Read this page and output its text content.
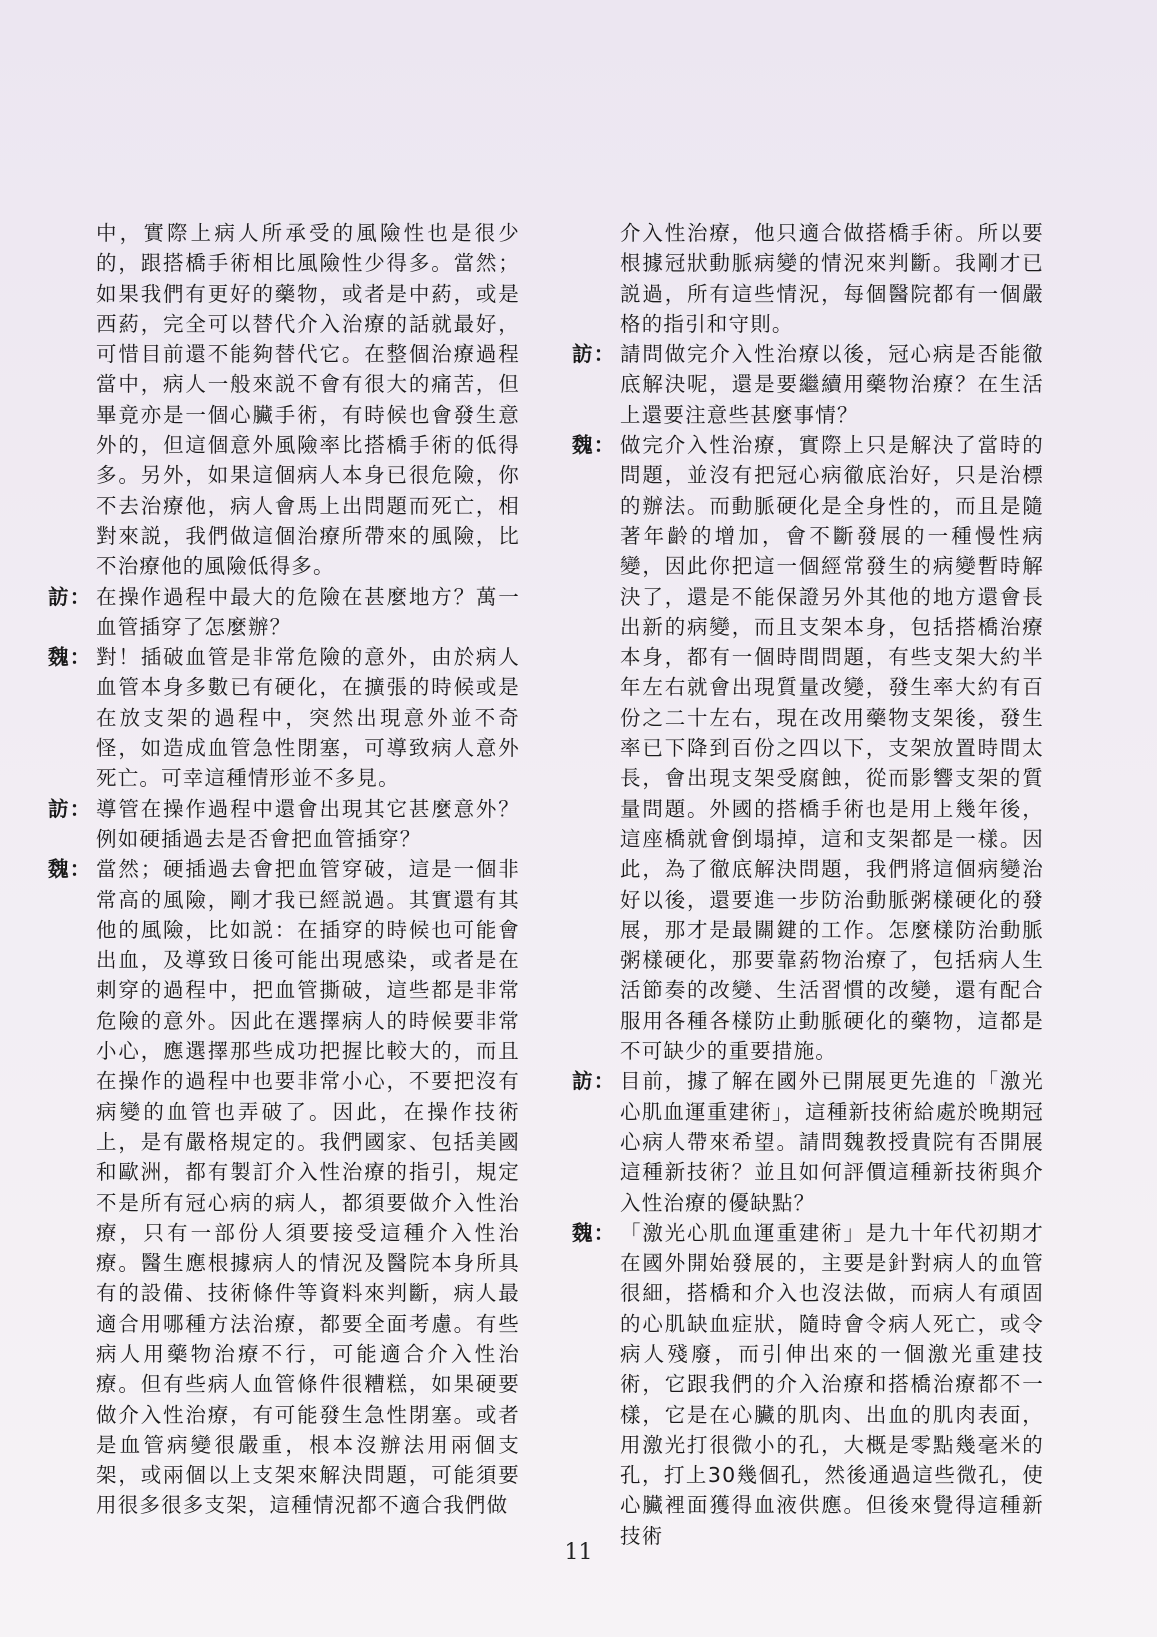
中，實際上病人所承受的風險性也是很少的，跟搭橋手術相比風險性少得多。當然；如果我們有更好的藥物，或者是中葯，或是西葯，完全可以替代介入治療的話就最好，可惜目前還不能夠替代它。在整個治療過程當中，病人一般來説不會有很大的痛苦，但畢竟亦是一個心臟手術，有時候也會發生意外的，但這個意外風險率比搭橋手術的低得多。另外，如果這個病人本身已很危險，你不去治療他，病人會馬上出問題而死亡，相對來説，我們做這個治療所帶來的風險，比不治療他的風險低得多。

訪： 在操作過程中最大的危險在甚麼地方？萬一血管插穿了怎麼辦？

魏： 對！插破血管是非常危險的意外，由於病人血管本身多數已有硬化，在擴張的時候或是在放支架的過程中，突然出現意外並不奇怪，如造成血管急性閉塞，可導致病人意外死亡。可幸這種情形並不多見。

訪： 導管在操作過程中還會出現其它甚麼意外？例如硬插過去是否會把血管插穿？

魏： 當然；硬插過去會把血管穿破，這是一個非常高的風險，剛才我已經説過。其實還有其他的風險，比如説：在插穿的時候也可能會出血，及導致日後可能出現感染，或者是在刺穿的過程中，把血管撕破，這些都是非常危險的意外。因此在選擇病人的時候要非常小心，應選擇那些成功把握比較大的，而且在操作的過程中也要非常小心，不要把沒有病變的血管也弄破了。因此，在操作技術上，是有嚴格規定的。我們國家、包括美國和歐洲，都有製訂介入性治療的指引，規定不是所有冠心病的病人，都須要做介入性治療，只有一部份人須要接受這種介入性治療。醫生應根據病人的情況及醫院本身所具有的設備、技術條件等資料來判斷，病人最適合用哪種方法治療，都要全面考慮。有些病人用藥物治療不行，可能適合介入性治療。但有些病人血管條件很糟糕，如果硬要做介入性治療，有可能發生急性閉塞。或者是血管病變很嚴重，根本沒辦法用兩個支架，或兩個以上支架來解決問題，可能須要用很多很多支架，這種情況都不適合我們做

介入性治療，他只適合做搭橋手術。所以要根據冠狀動脈病變的情況來判斷。我剛才已説過，所有這些情況，每個醫院都有一個嚴格的指引和守則。

訪： 請問做完介入性治療以後，冠心病是否能徹底解決呢，還是要繼續用藥物治療？在生活上還要注意些甚麼事情？

魏： 做完介入性治療，實際上只是解決了當時的問題，並沒有把冠心病徹底治好，只是治標的辦法。而動脈硬化是全身性的，而且是隨著年齡的增加，會不斷發展的一種慢性病變，因此你把這一個經常發生的病變暫時解決了，還是不能保證另外其他的地方還會長出新的病變，而且支架本身，包括搭橋治療本身，都有一個時間問題，有些支架大約半年左右就會出現質量改變，發生率大約有百份之二十左右，現在改用藥物支架後，發生率已下降到百份之四以下，支架放置時間太長，會出現支架受腐蝕，從而影響支架的質量問題。外國的搭橋手術也是用上幾年後，這座橋就會倒塌掉，這和支架都是一樣。因此，為了徹底解決問題，我們將這個病變治好以後，還要進一步防治動脈粥樣硬化的發展，那才是最關鍵的工作。怎麼樣防治動脈粥樣硬化，那要靠葯物治療了，包括病人生活節奏的改變、生活習慣的改變，還有配合服用各種各樣防止動脈硬化的藥物，這都是不可缺少的重要措施。

訪： 目前，據了解在國外已開展更先進的「激光心肌血運重建術」，這種新技術給處於晚期冠心病人帶來希望。請問魏教授貴院有否開展這種新技術？並且如何評價這種新技術與介入性治療的優缺點？

魏： 「激光心肌血運重建術」是九十年代初期才在國外開始發展的，主要是針對病人的血管很細，搭橋和介入也沒法做，而病人有頑固的心肌缺血症狀，隨時會令病人死亡，或令病人殘廢，而引伸出來的一個激光重建技術，它跟我們的介入治療和搭橋治療都不一樣，它是在心臟的肌肉、出血的肌肉表面，用激光打很微小的孔，大概是零點幾毫米的孔，打上30幾個孔，然後通過這些微孔，使心臟裡面獲得血液供應。但後來覺得這種新技術

11
